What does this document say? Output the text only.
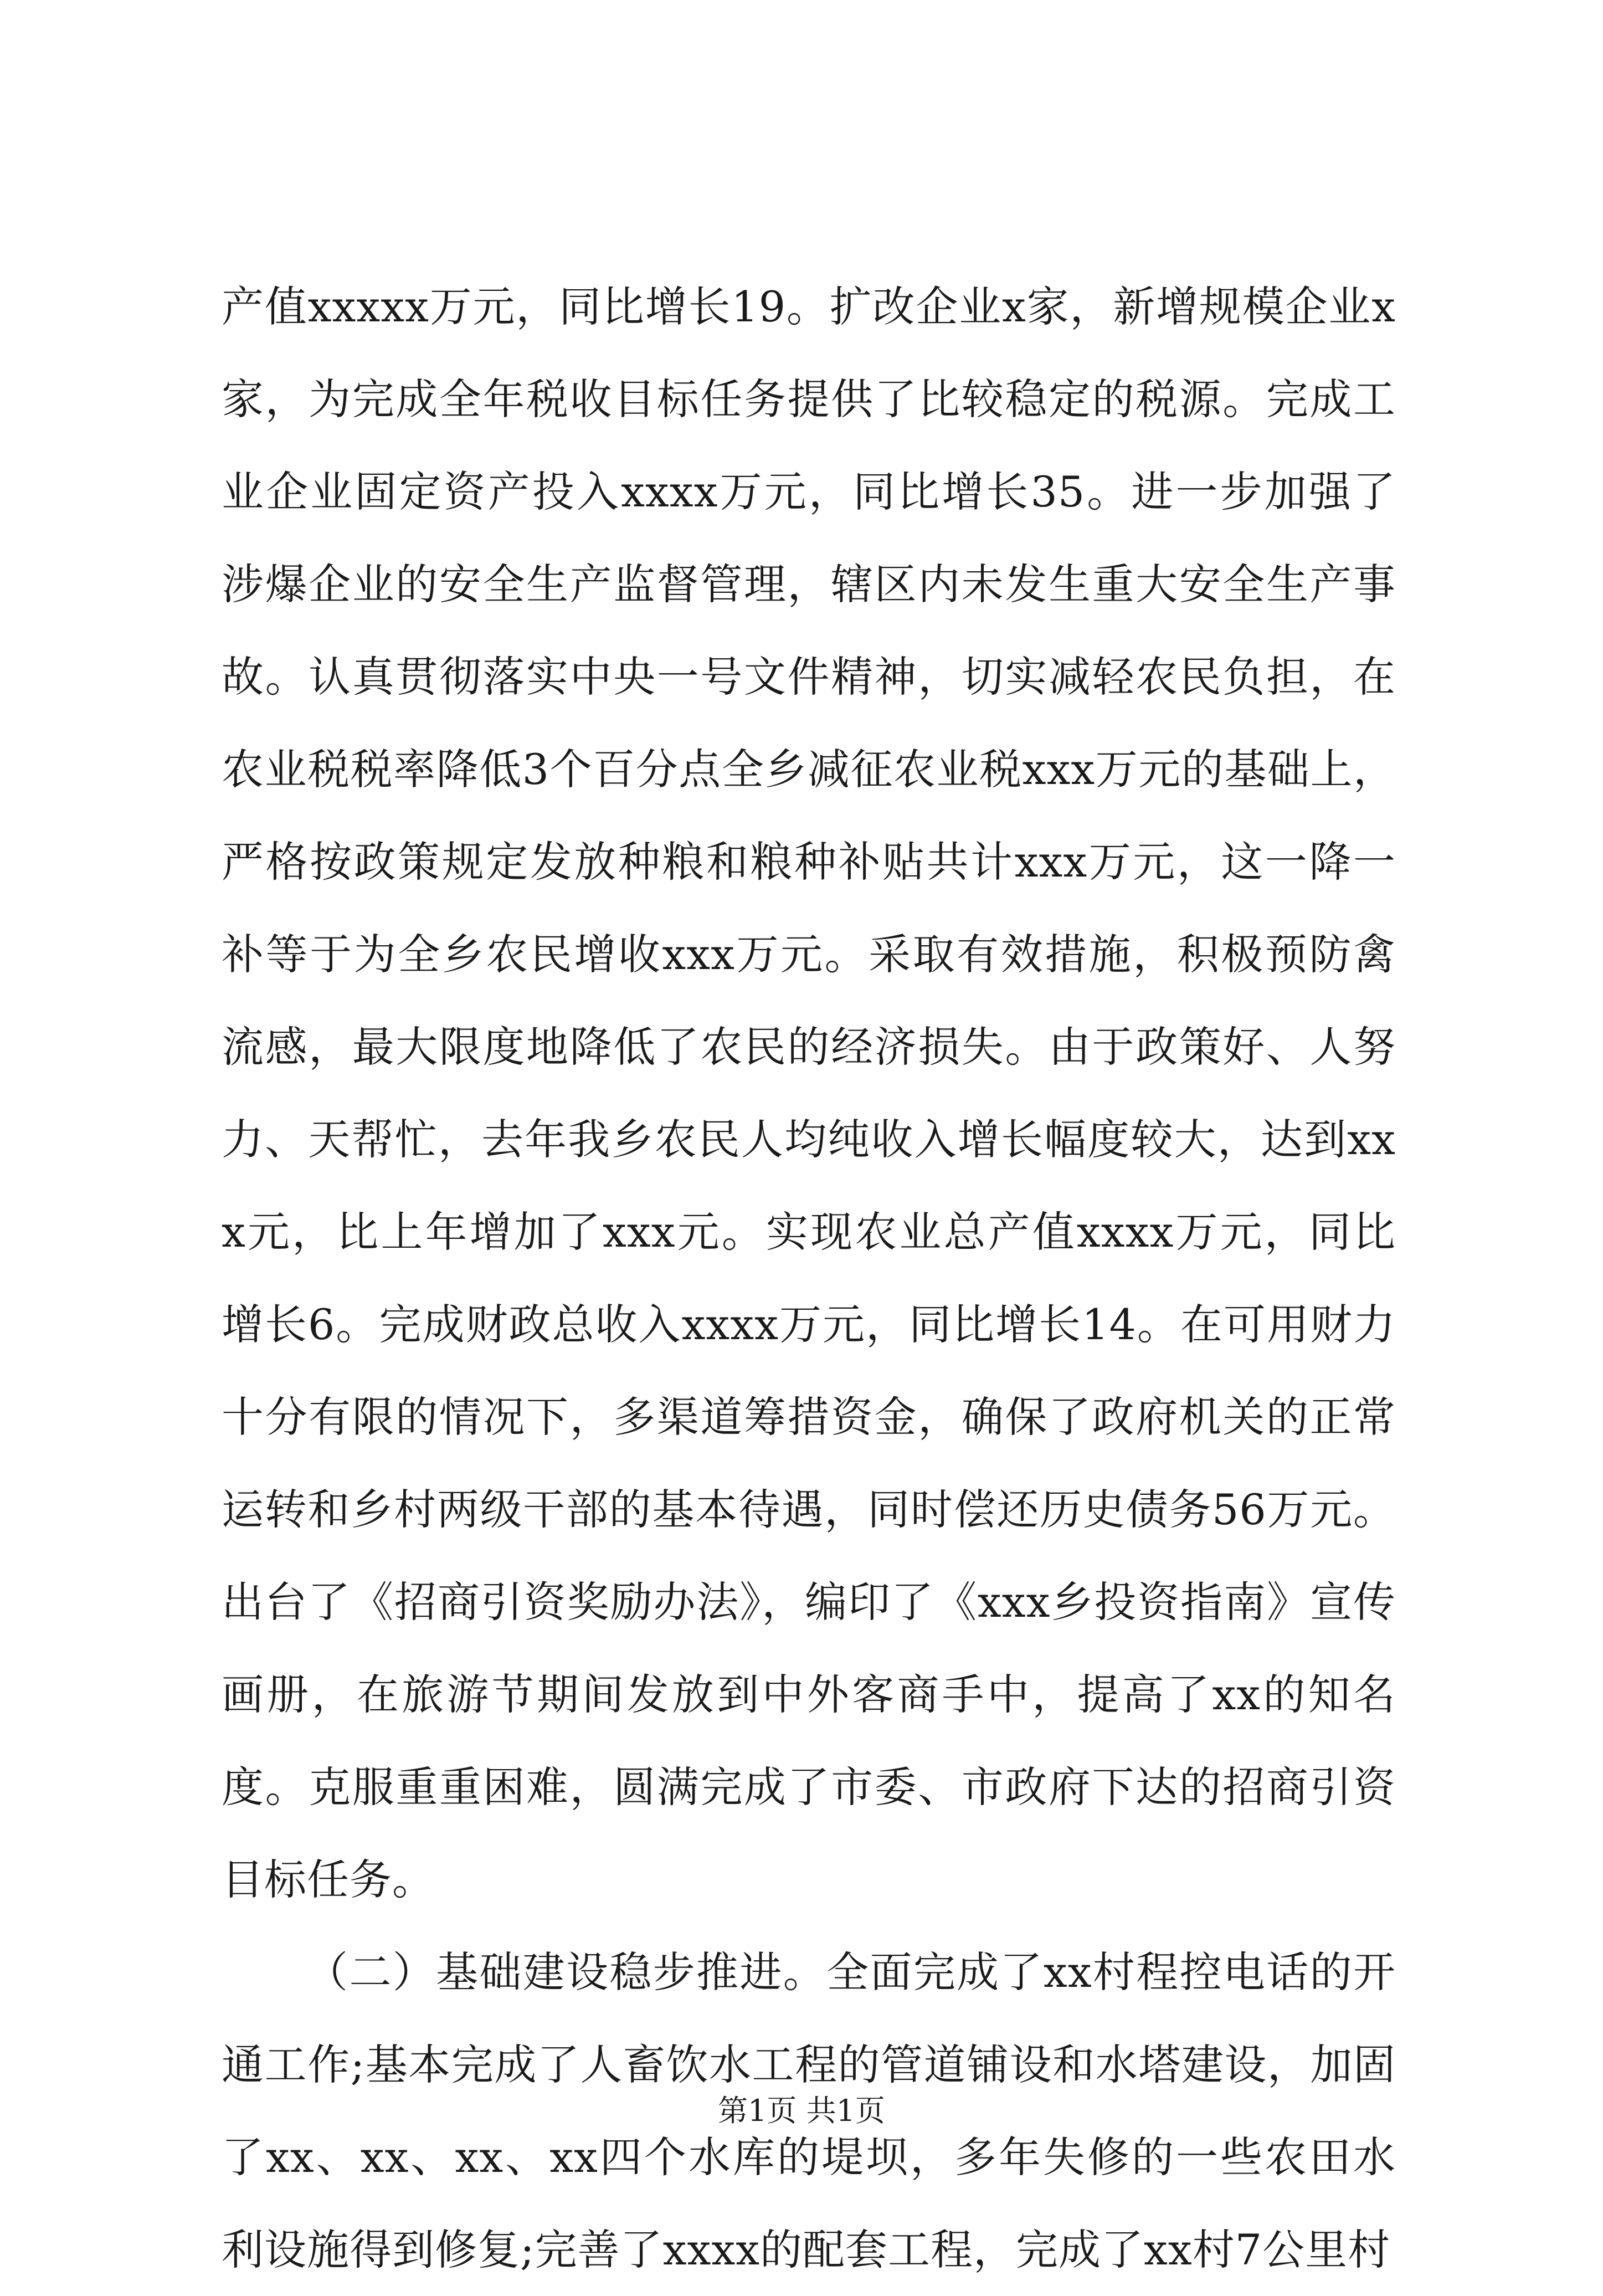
产值xxxxx万元，同比增长19。扩改企业x家，新增规模企业x家，为完成全年税收目标任务提供了比较稳定的税源。完成工业企业固定资产投入xxxx万元，同比增长35。进一步加强了涉爆企业的安全生产监督管理，辖区内未发生重大安全生产事故。认真贯彻落实中央一号文件精神，切实减轻农民负担，在农业税税率降低3个百分点全乡减征农业税xxx万元的基础上，严格按政策规定发放种粮和粮种补贴共计xxx万元，这一降一补等于为全乡农民增收xxx万元。采取有效措施，积极预防禽流感，最大限度地降低了农民的经济损失。由于政策好、人努力、天帮忙，去年我乡农民人均纯收入增长幅度较大，达到xxx元，比上年增加了xxx元。实现农业总产值xxxx万元，同比增长6。完成财政总收入xxxx万元，同比增长14。在可用财力十分有限的情况下，多渠道筹措资金，确保了政府机关的正常运转和乡村两级干部的基本待遇，同时偿还历史债务56万元。出台了《招商引资奖励办法》，编印了《xxx乡投资指南》宣传画册，在旅游节期间发放到中外客商手中，提高了xx的知名度。克服重重困难，圆满完成了市委、市政府下达的招商引资目标任务。

（二）基础建设稳步推进。全面完成了xx村程控电话的开通工作;基本完成了人畜饮水工程的管道铺设和水塔建设，加固了xx、xx、xx、xx四个水库的堤坝，多年失修的一些农田水利设施得到修复;完善了xxxx的配套工程，完成了xx村7公里村

第1页 共1页
